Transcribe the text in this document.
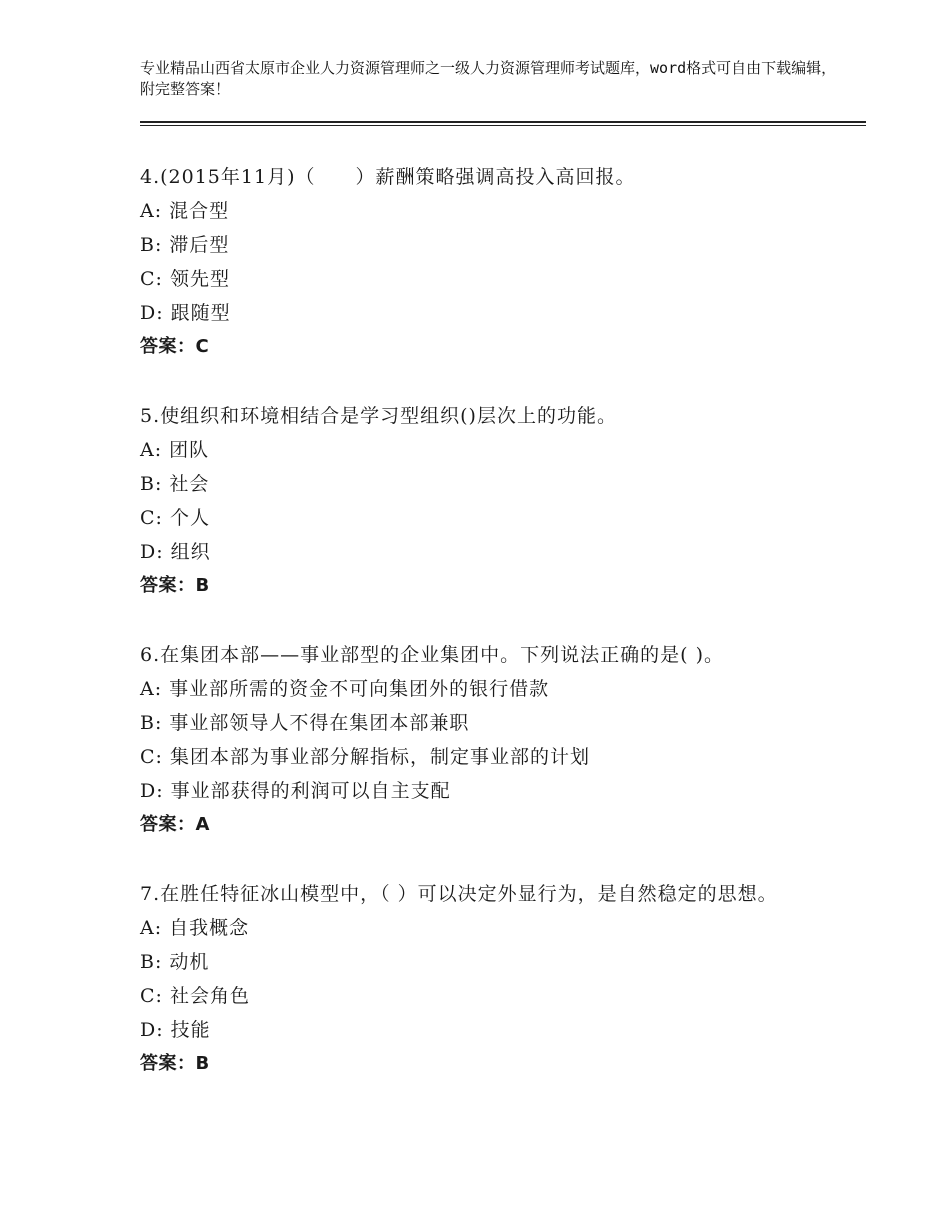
专业精品山西省太原市企业人力资源管理师之一级人力资源管理师考试题库，word格式可自由下载编辑，附完整答案！

4.(2015年11月)（　　）薪酬策略强调高投入高回报。

A: 混合型

B: 滞后型

C: 领先型

D: 跟随型

答案：C

5.使组织和环境相结合是学习型组织()层次上的功能。

A: 团队

B: 社会

C: 个人

D: 组织

答案：B

6.在集团本部——事业部型的企业集团中。下列说法正确的是( )。

A: 事业部所需的资金不可向集团外的银行借款

B: 事业部领导人不得在集团本部兼职

C: 集团本部为事业部分解指标，制定事业部的计划

D: 事业部获得的利润可以自主支配

答案：A

7.在胜任特征冰山模型中，（ ）可以决定外显行为，是自然稳定的思想。

A: 自我概念

B: 动机

C: 社会角色

D: 技能

答案：B
